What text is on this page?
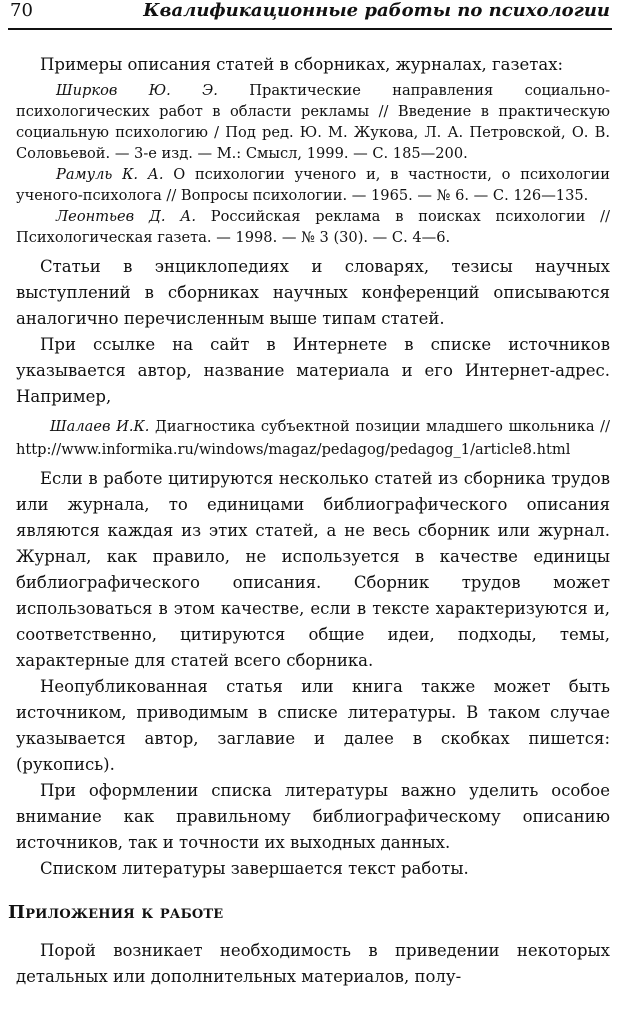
70	Квалификационные работы по психологии

Примеры описания статей в сборниках, журналах, газетах:

Ширков Ю. Э. Практические направления социально-психологических работ в области рекламы // Введение в практическую социальную психологию / Под ред. Ю. М. Жукова, Л. А. Петровской, О. В. Соловьевой. — 3-е изд. — М.: Смысл, 1999. — С. 185—200.

Рамуль К. А. О психологии ученого и, в частности, о психологии ученого-психолога // Вопросы психологии. — 1965. — № 6. — С. 126—135.

Леонтьев Д. А. Российская реклама в поисках психологии // Психологическая газета. — 1998. — № 3 (30). — С. 4—6.

Статьи в энциклопедиях и словарях, тезисы научных выступлений в сборниках научных конференций описываются аналогично перечисленным выше типам статей.

При ссылке на сайт в Интернете в списке источников указывается автор, название материала и его Интернет-адрес. Например,

Шалаев И.К. Диагностика субъектной позиции младшего школьника // http://www.informika.ru/windows/magaz/pedagog/pedagog_1/article8.html

Если в работе цитируются несколько статей из сборника трудов или журнала, то единицами библиографического описания являются каждая из этих статей, а не весь сборник или журнал. Журнал, как правило, не используется в качестве единицы библиографического описания. Сборник трудов может использоваться в этом качестве, если в тексте характеризуются и, соответственно, цитируются общие идеи, подходы, темы, характерные для статей всего сборника.

Неопубликованная статья или книга также может быть источником, приводимым в списке литературы. В таком случае указывается автор, заглавие и далее в скобках пишется: (рукопись).

При оформлении списка литературы важно уделить особое внимание как правильному библиографическому описанию источников, так и точности их выходных данных.

Списком литературы завершается текст работы.

Приложения к работе

Порой возникает необходимость в приведении некоторых детальных или дополнительных материалов, полу-
